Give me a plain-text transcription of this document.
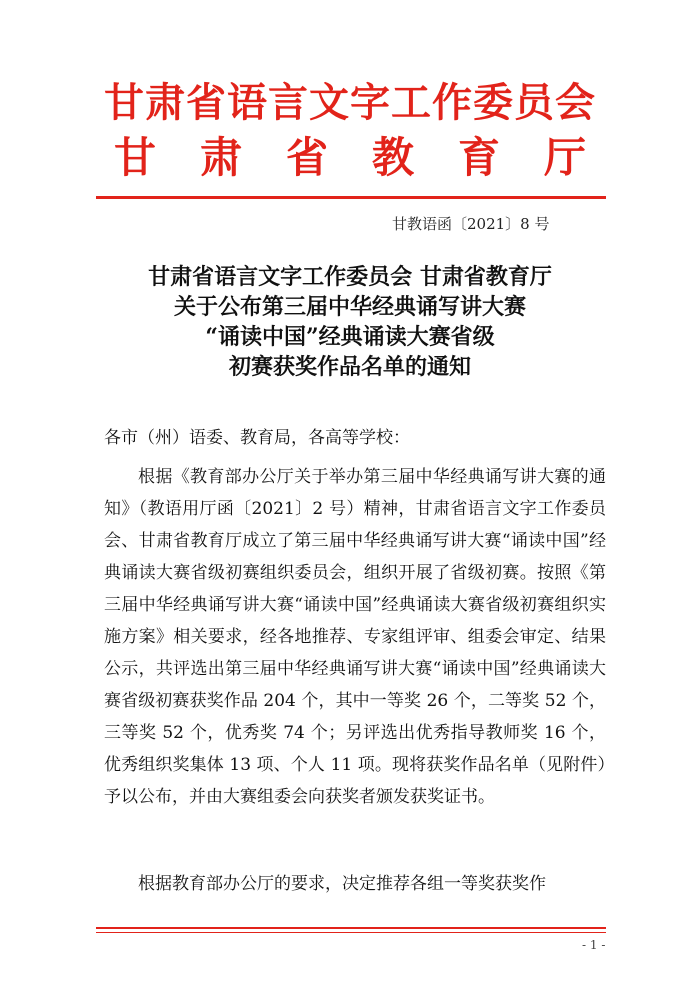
甘肃省语言文字工作委员会
甘肃省教育厅
甘教语函〔2021〕8 号
甘肃省语言文字工作委员会 甘肃省教育厅
关于公布第三届中华经典诵写讲大赛
“诵读中国”经典诵读大赛省级
初赛获奖作品名单的通知
各市（州）语委、教育局，各高等学校：
根据《教育部办公厅关于举办第三届中华经典诵写讲大赛的通知》（教语用厅函〔2021〕2 号）精神，甘肃省语言文字工作委员会、甘肃省教育厅成立了第三届中华经典诵写讲大赛“诵读中国”经典诵读大赛省级初赛组织委员会，组织开展了省级初赛。按照《第三届中华经典诵写讲大赛“诵读中国”经典诵读大赛省级初赛组织实施方案》相关要求，经各地推荐、专家组评审、组委会审定、结果公示，共评选出第三届中华经典诵写讲大赛“诵读中国”经典诵读大赛省级初赛获奖作品 204 个，其中一等奖 26 个，二等奖 52 个，三等奖 52 个，优秀奖 74 个；另评选出优秀指导教师奖 16 个，优秀组织奖集体 13 项、个人 11 项。现将获奖作品名单（见附件）予以公布，并由大赛组委会向获奖者颁发获奖证书。
根据教育部办公厅的要求，决定推荐各组一等奖获奖作
- 1 -
